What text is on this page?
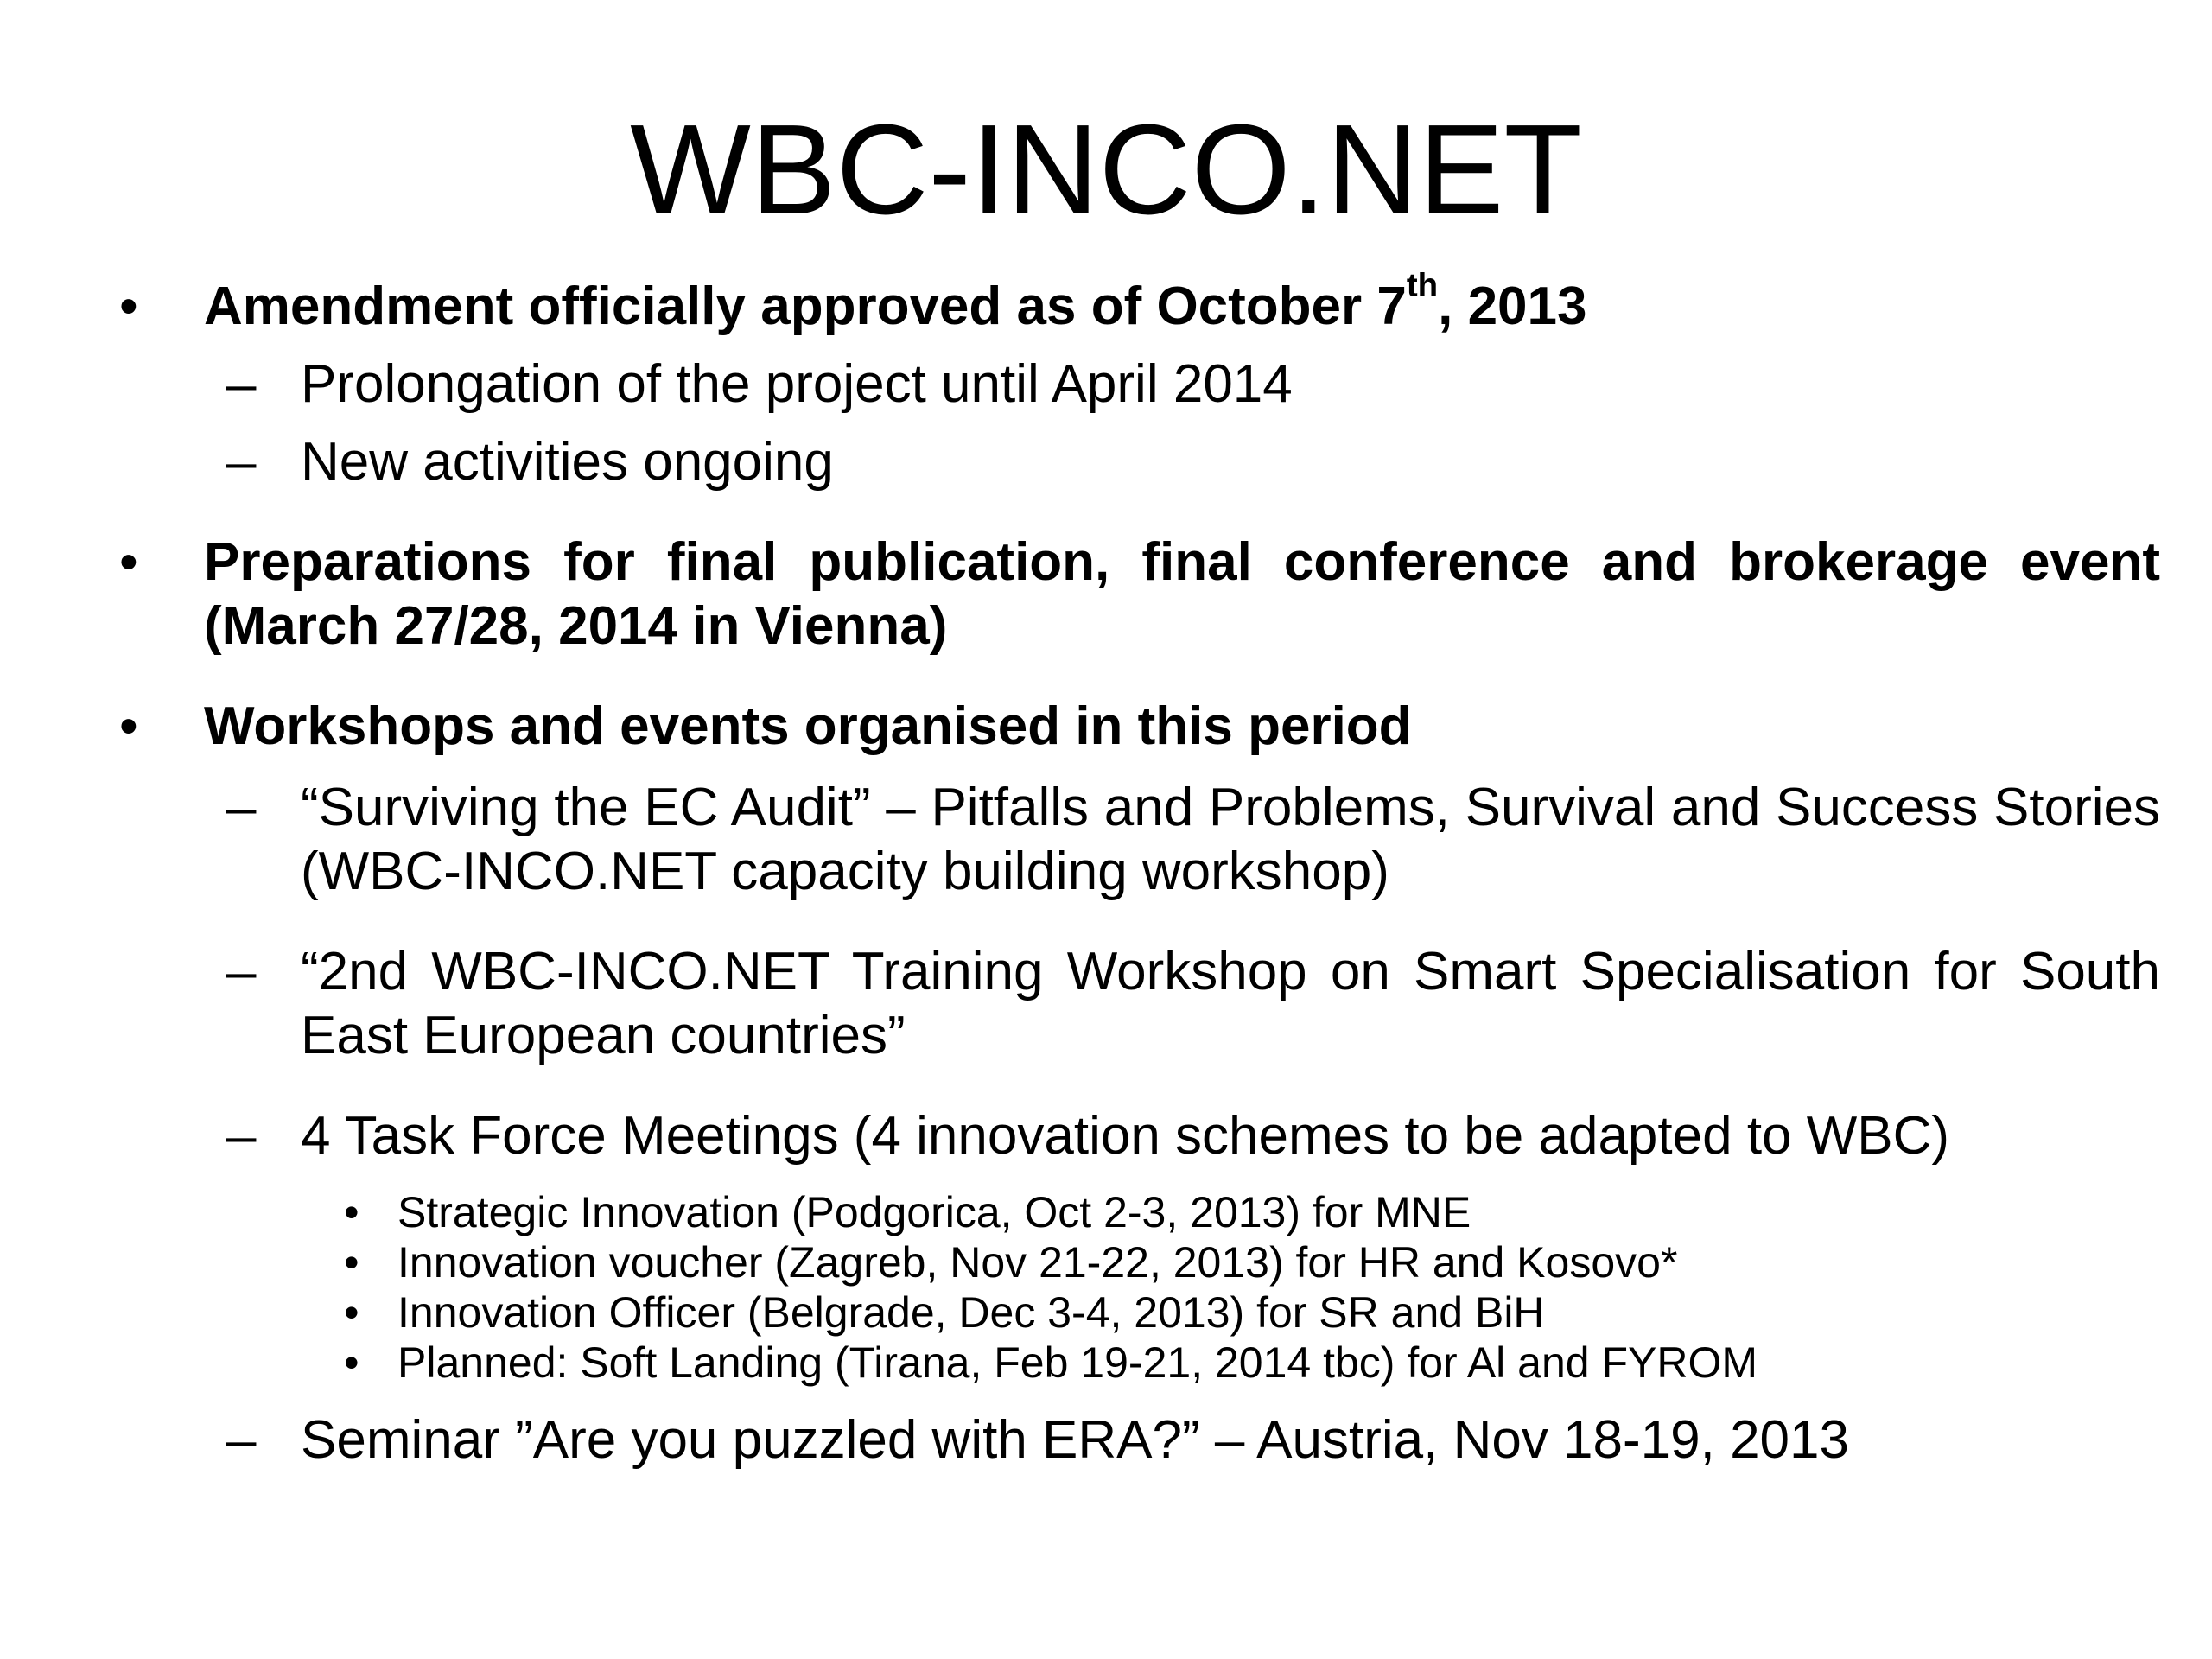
WBC-INCO.NET
• Amendment officially approved as of October 7th, 2013
– Prolongation of the project until April 2014
– New activities ongoing
• Preparations for final publication, final conference and brokerage event (March 27/28, 2014 in Vienna)
• Workshops and events organised in this period
– “Surviving the EC Audit” – Pitfalls and Problems, Survival and Success Stories (WBC-INCO.NET capacity building workshop)
– “2nd WBC-INCO.NET Training Workshop on Smart Specialisation for South East European countries”
– 4 Task Force Meetings (4 innovation schemes to be adapted to WBC)
• Strategic Innovation (Podgorica, Oct 2-3, 2013) for MNE
• Innovation voucher (Zagreb, Nov 21-22, 2013) for HR and Kosovo*
• Innovation Officer (Belgrade, Dec 3-4, 2013) for SR and BiH
• Planned: Soft Landing (Tirana, Feb 19-21, 2014 tbc) for Al and FYROM
– Seminar ”Are you puzzled with ERA?” – Austria, Nov 18-19, 2013
